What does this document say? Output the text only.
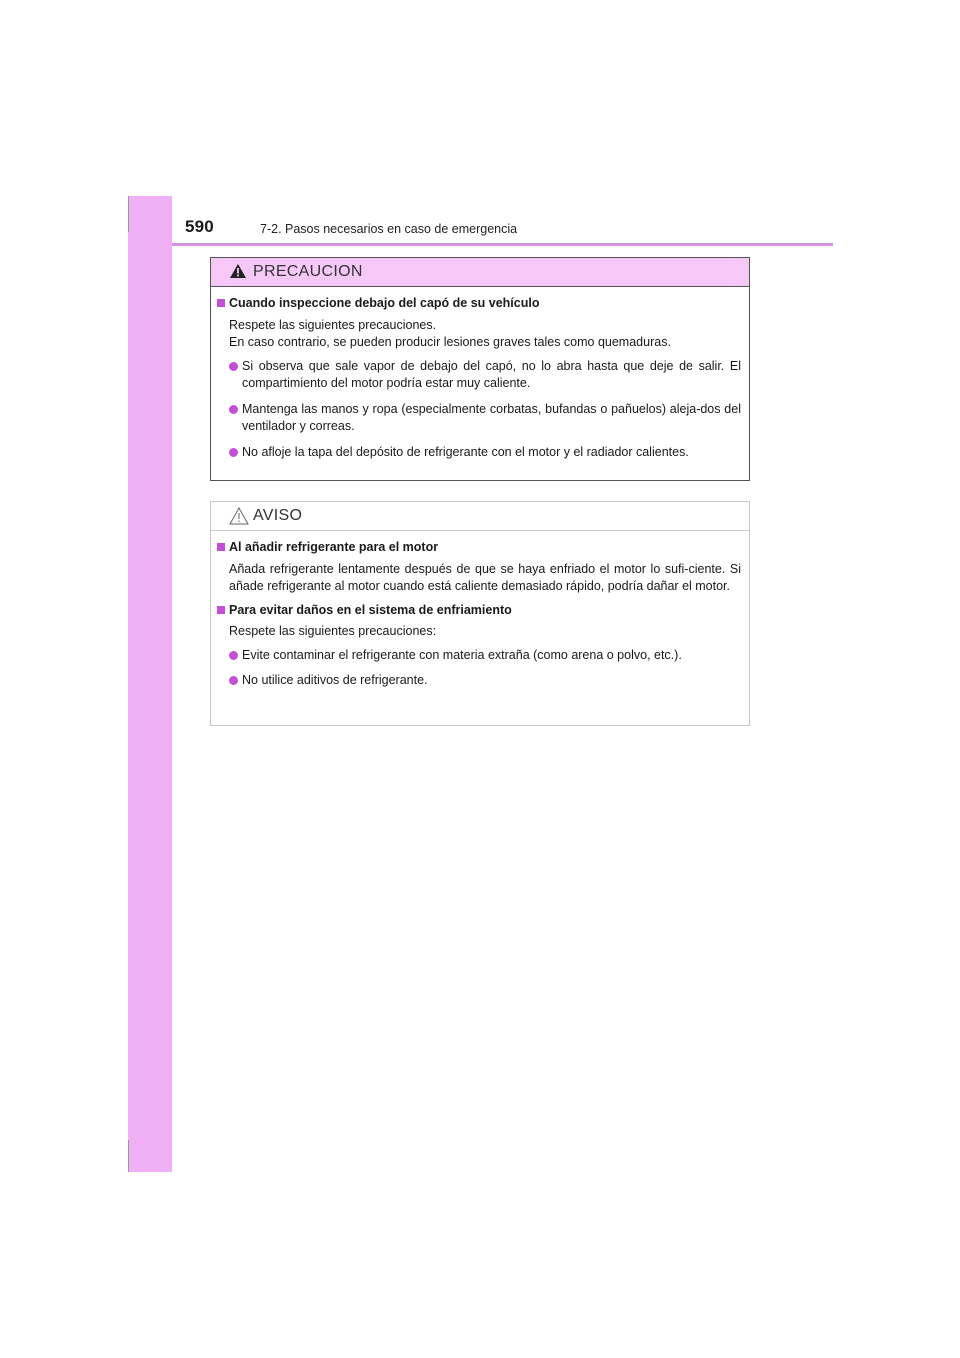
590	7-2. Pasos necesarios en caso de emergencia
PRECAUCION
Cuando inspeccione debajo del capó de su vehículo
Respete las siguientes precauciones.
En caso contrario, se pueden producir lesiones graves tales como quemaduras.
Si observa que sale vapor de debajo del capó, no lo abra hasta que deje de salir. El compartimiento del motor podría estar muy caliente.
Mantenga las manos y ropa (especialmente corbatas, bufandas o pañuelos) aleja-dos del ventilador y correas.
No afloje la tapa del depósito de refrigerante con el motor y el radiador calientes.
AVISO
Al añadir refrigerante para el motor
Añada refrigerante lentamente después de que se haya enfriado el motor lo sufi-ciente. Si añade refrigerante al motor cuando está caliente demasiado rápido, podría dañar el motor.
Para evitar daños en el sistema de enfriamiento
Respete las siguientes precauciones:
Evite contaminar el refrigerante con materia extraña (como arena o polvo, etc.).
No utilice aditivos de refrigerante.
